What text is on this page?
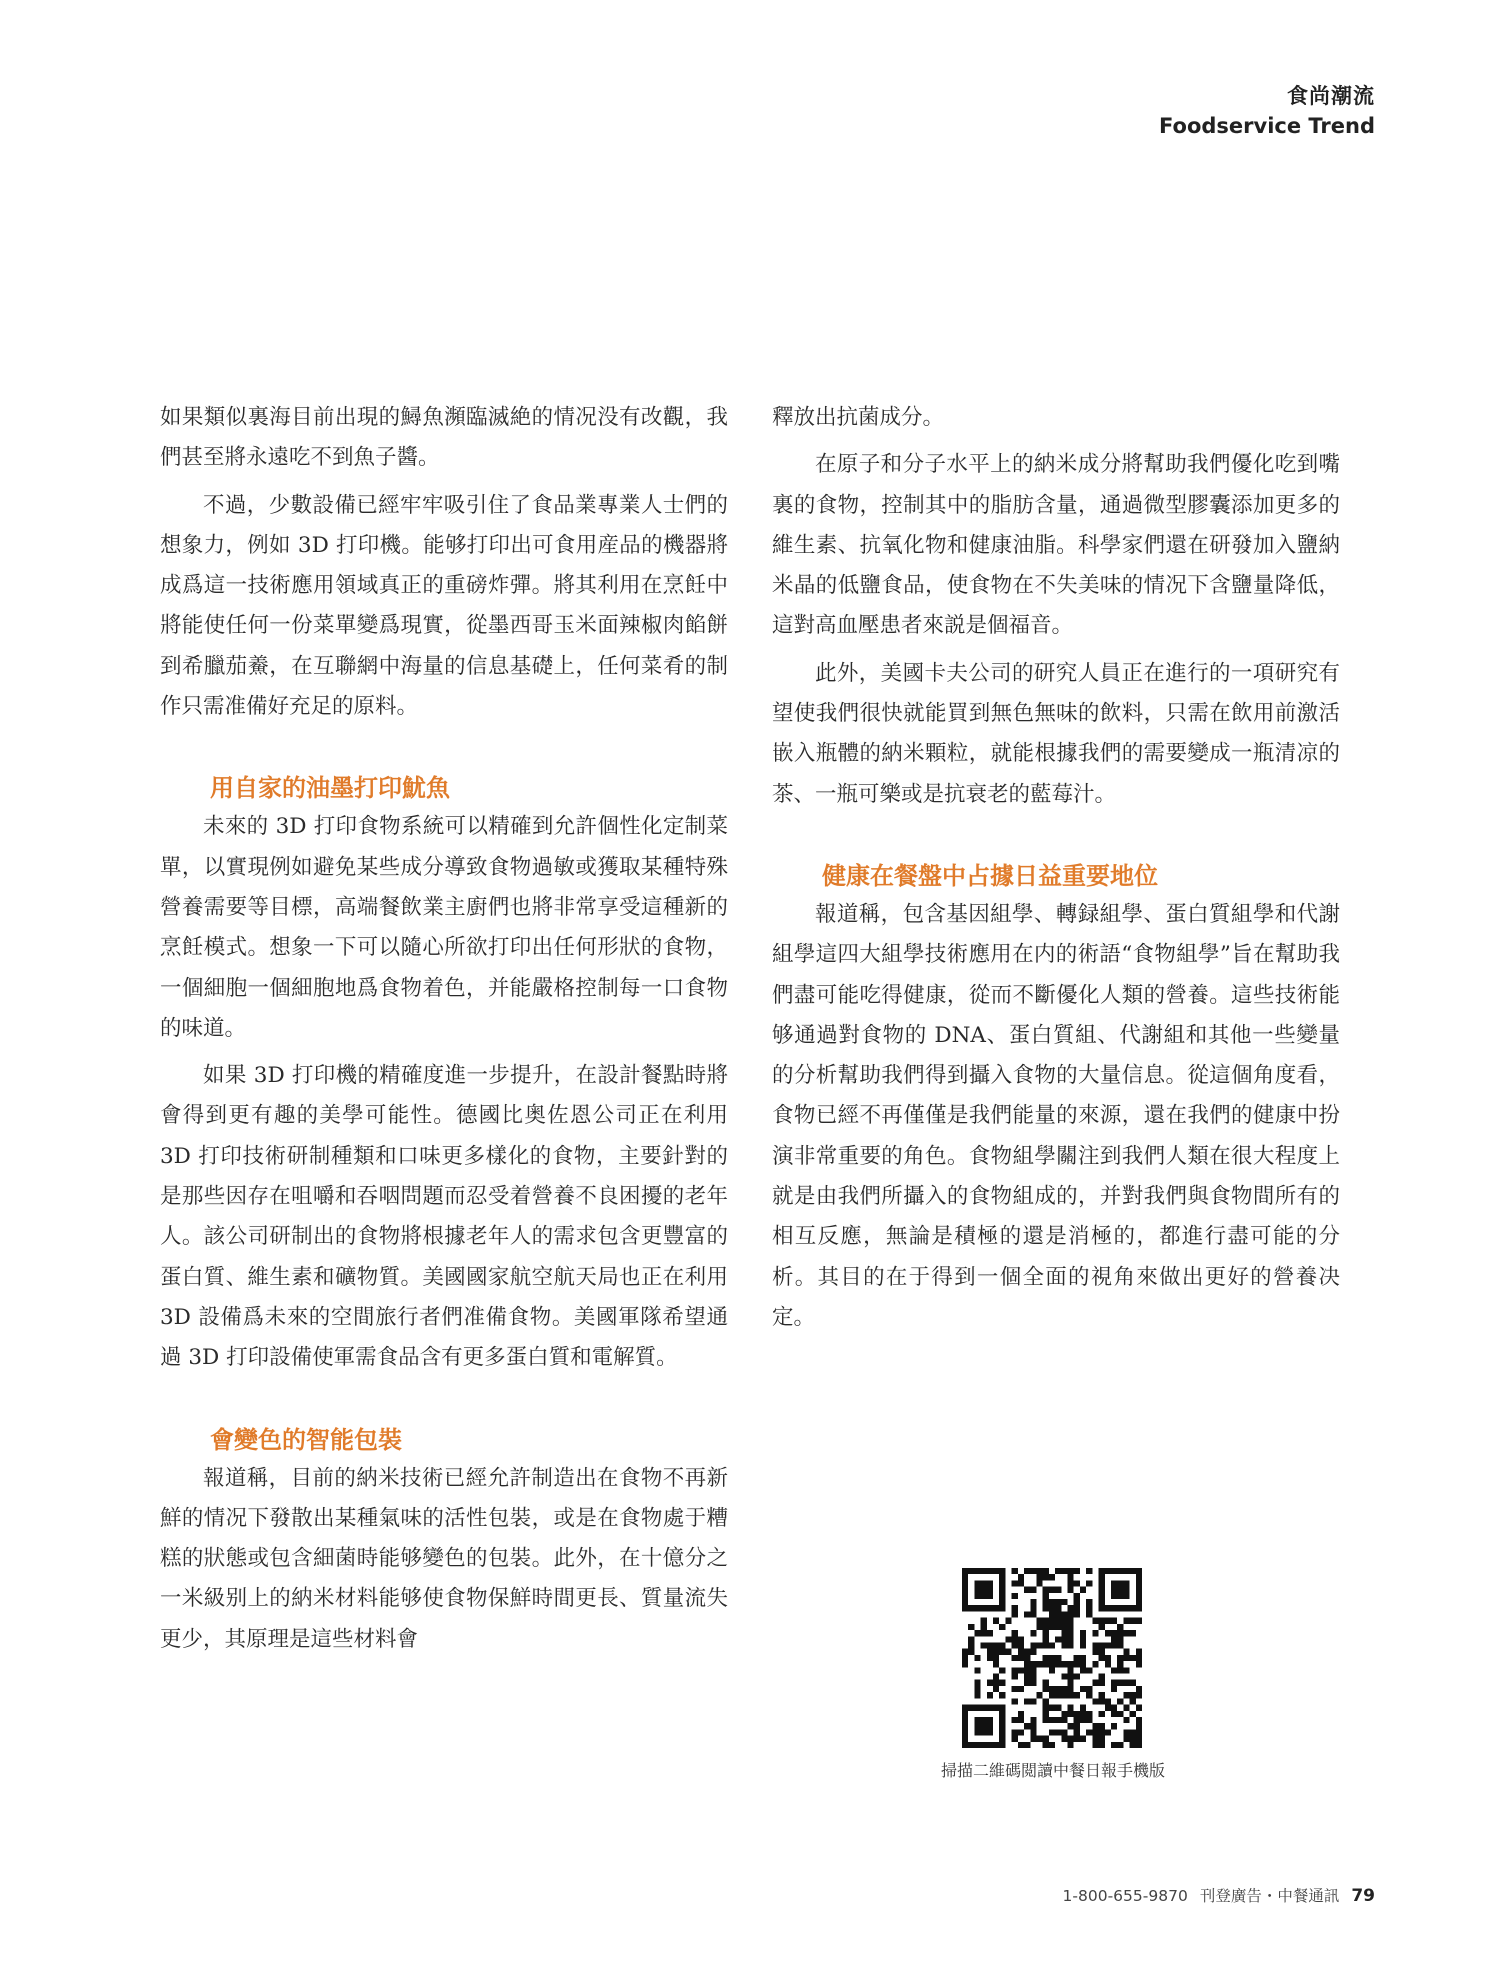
食尚潮流
Foodservice Trend

如果類似裏海目前出現的鱘魚瀕臨滅絶的情况没有改觀，我們甚至將永遠吃不到魚子醬。

不過，少數設備已經牢牢吸引住了食品業專業人士們的想象力，例如 3D 打印機。能够打印出可食用産品的機器將成爲這一技術應用領域真正的重磅炸彈。將其利用在烹飪中將能使任何一份菜單變爲現實，從墨西哥玉米面辣椒肉餡餅到希臘茄鯗，在互聯網中海量的信息基礎上，任何菜肴的制作只需准備好充足的原料。

用自家的油墨打印魷魚

未來的 3D 打印食物系統可以精確到允許個性化定制菜單，以實現例如避免某些成分導致食物過敏或獲取某種特殊營養需要等目標，高端餐飲業主廚們也將非常享受這種新的烹飪模式。想象一下可以隨心所欲打印出任何形狀的食物，一個細胞一個細胞地爲食物着色，并能嚴格控制每一口食物的味道。

如果 3D 打印機的精確度進一步提升，在設計餐點時將會得到更有趣的美學可能性。德國比奥佐恩公司正在利用 3D 打印技術研制種類和口味更多樣化的食物，主要針對的是那些因存在咀嚼和吞咽問題而忍受着營養不良困擾的老年人。該公司研制出的食物將根據老年人的需求包含更豐富的蛋白質、維生素和礦物質。美國國家航空航天局也正在利用 3D 設備爲未來的空間旅行者們准備食物。美國軍隊希望通過 3D 打印設備使軍需食品含有更多蛋白質和電解質。

會變色的智能包裝

報道稱，目前的納米技術已經允許制造出在食物不再新鮮的情况下發散出某種氣味的活性包裝，或是在食物處于糟糕的狀態或包含細菌時能够變色的包裝。此外，在十億分之一米級别上的納米材料能够使食物保鮮時間更長、質量流失更少，其原理是這些材料會

釋放出抗菌成分。

在原子和分子水平上的納米成分將幫助我們優化吃到嘴裏的食物，控制其中的脂肪含量，通過微型膠囊添加更多的維生素、抗氧化物和健康油脂。科學家們還在研發加入鹽納米晶的低鹽食品，使食物在不失美味的情况下含鹽量降低，這對高血壓患者來説是個福音。

此外，美國卡夫公司的研究人員正在進行的一項研究有望使我們很快就能買到無色無味的飲料，只需在飲用前激活嵌入瓶體的納米顆粒，就能根據我們的需要變成一瓶清凉的茶、一瓶可樂或是抗衰老的藍莓汁。

健康在餐盤中占據日益重要地位

報道稱，包含基因組學、轉録組學、蛋白質組學和代謝組學這四大組學技術應用在内的術語“食物組學”旨在幫助我們盡可能吃得健康，從而不斷優化人類的營養。這些技術能够通過對食物的 DNA、蛋白質組、代謝組和其他一些變量的分析幫助我們得到攝入食物的大量信息。從這個角度看，食物已經不再僅僅是我們能量的來源，還在我們的健康中扮演非常重要的角色。食物組學關注到我們人類在很大程度上就是由我們所攝入的食物組成的，并對我們與食物間所有的相互反應，無論是積極的還是消極的，都進行盡可能的分析。其目的在于得到一個全面的視角來做出更好的營養决定。

掃描二維碼閲讀中餐日報手機版
1-800-655-9870 刊登廣告・中餐通訊 79
